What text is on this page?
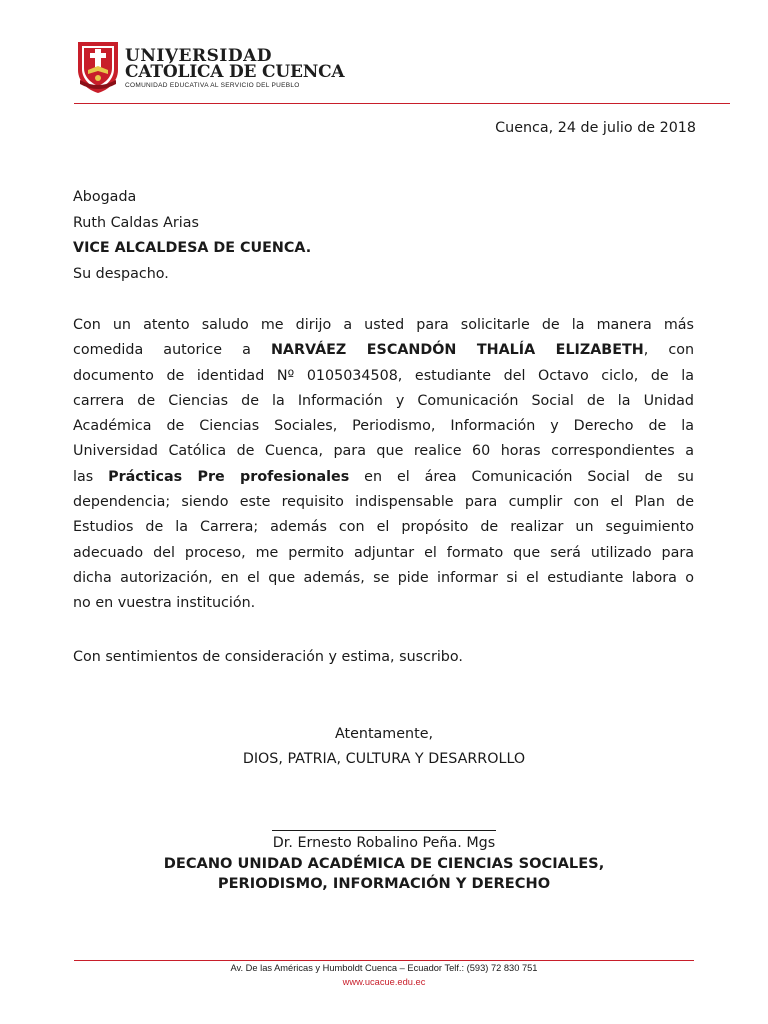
UNIVERSIDAD
CATÓLICA DE CUENCA
COMUNIDAD EDUCATIVA AL SERVICIO DEL PUEBLO
Cuenca, 24 de julio de 2018
Abogada
Ruth Caldas Arias
VICE ALCALDESA DE CUENCA.
Su despacho.
Con un atento saludo me dirijo a usted para solicitarle de la manera más
comedida autorice a NARVÁEZ ESCANDÓN THALÍA ELIZABETH, con
documento de identidad Nº 0105034508, estudiante del Octavo ciclo, de la
carrera de Ciencias de la Información y Comunicación Social de la Unidad
Académica de Ciencias Sociales, Periodismo, Información y Derecho de la
Universidad Católica de Cuenca, para que realice 60 horas correspondientes a
las Prácticas Pre profesionales en el área Comunicación Social de su
dependencia; siendo este requisito indispensable para cumplir con el Plan de
Estudios de la Carrera; además con el propósito de realizar un seguimiento
adecuado del proceso, me permito adjuntar el formato que será utilizado para
dicha autorización, en el que además, se pide informar si el estudiante labora o
no en vuestra institución.
Con sentimientos de consideración y estima, suscribo.
Atentamente,
DIOS, PATRIA, CULTURA Y DESARROLLO
Dr. Ernesto Robalino Peña. Mgs
DECANO UNIDAD ACADÉMICA DE CIENCIAS SOCIALES,
PERIODISMO, INFORMACIÓN Y DERECHO
Av. De las Américas y Humboldt Cuenca – Ecuador Telf.: (593) 72 830 751
www.ucacue.edu.ec
